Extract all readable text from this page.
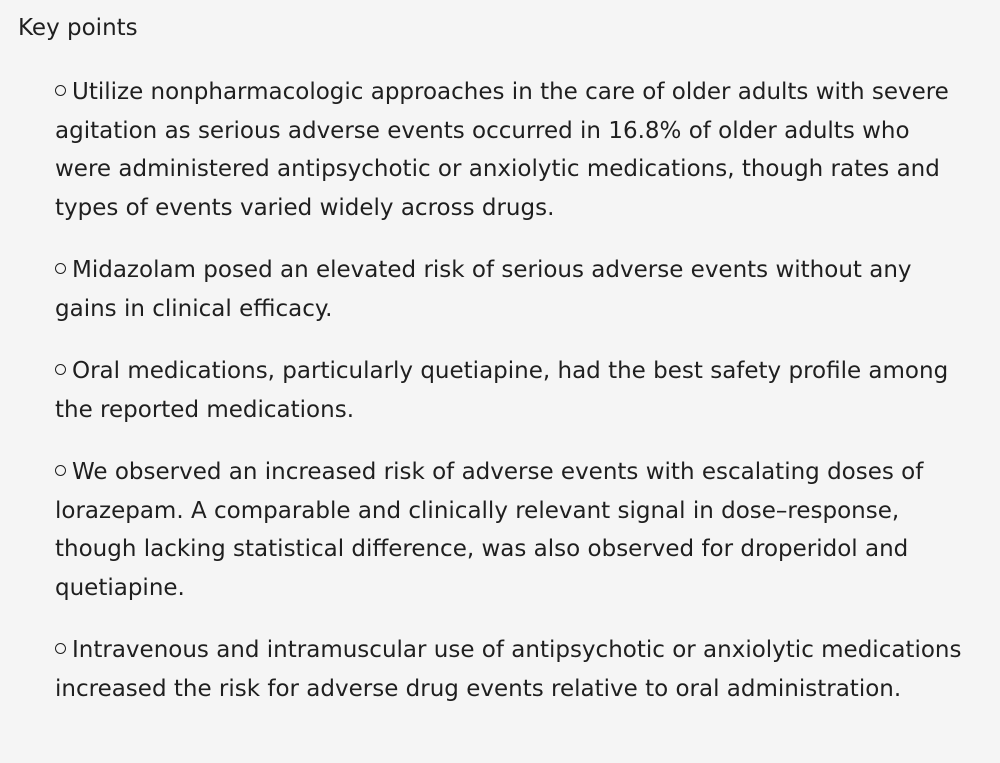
Key points
Utilize nonpharmacologic approaches in the care of older adults with severe agitation as serious adverse events occurred in 16.8% of older adults who were administered antipsychotic or anxiolytic medications, though rates and types of events varied widely across drugs.
Midazolam posed an elevated risk of serious adverse events without any gains in clinical efficacy.
Oral medications, particularly quetiapine, had the best safety profile among the reported medications.
We observed an increased risk of adverse events with escalating doses of lorazepam. A comparable and clinically relevant signal in dose–response, though lacking statistical difference, was also observed for droperidol and quetiapine.
Intravenous and intramuscular use of antipsychotic or anxiolytic medications increased the risk for adverse drug events relative to oral administration.
